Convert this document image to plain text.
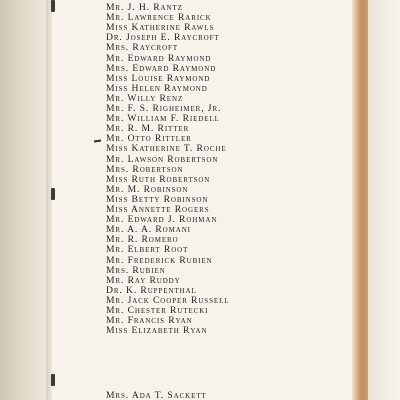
Mr. J. H. Rantz
Mr. Lawrence Rarick
Miss Katherine Rawls
Dr. Joseph E. Raycroft
Mrs. Raycroft
Mr. Edward Raymond
Mrs. Edward Raymond
Miss Louise Raymond
Miss Helen Raymond
Mr. Willy Renz
Mr. F. S. Righeimer, Jr.
Mr. William F. Riedell
Mr. R. M. Ritter
Mr. Otto Rittler
Miss Katherine T. Roche
Mr. Lawson Robertson
Mrs. Robertson
Miss Ruth Robertson
Mr. M. Robinson
Miss Betty Robinson
Miss Annette Rogers
Mr. Edward J. Rohman
Mr. A. A. Romani
Mr. R. Romero
Mr. Elbert Root
Mr. Frederick Rubien
Mrs. Rubien
Mr. Ray Ruddy
Dr. K. Ruppenthal
Mr. Jack Cooper Russell
Mr. Chester Rutecki
Mr. Francis Ryan
Miss Elizabeth Ryan
Mrs. Ada T. Sackett
